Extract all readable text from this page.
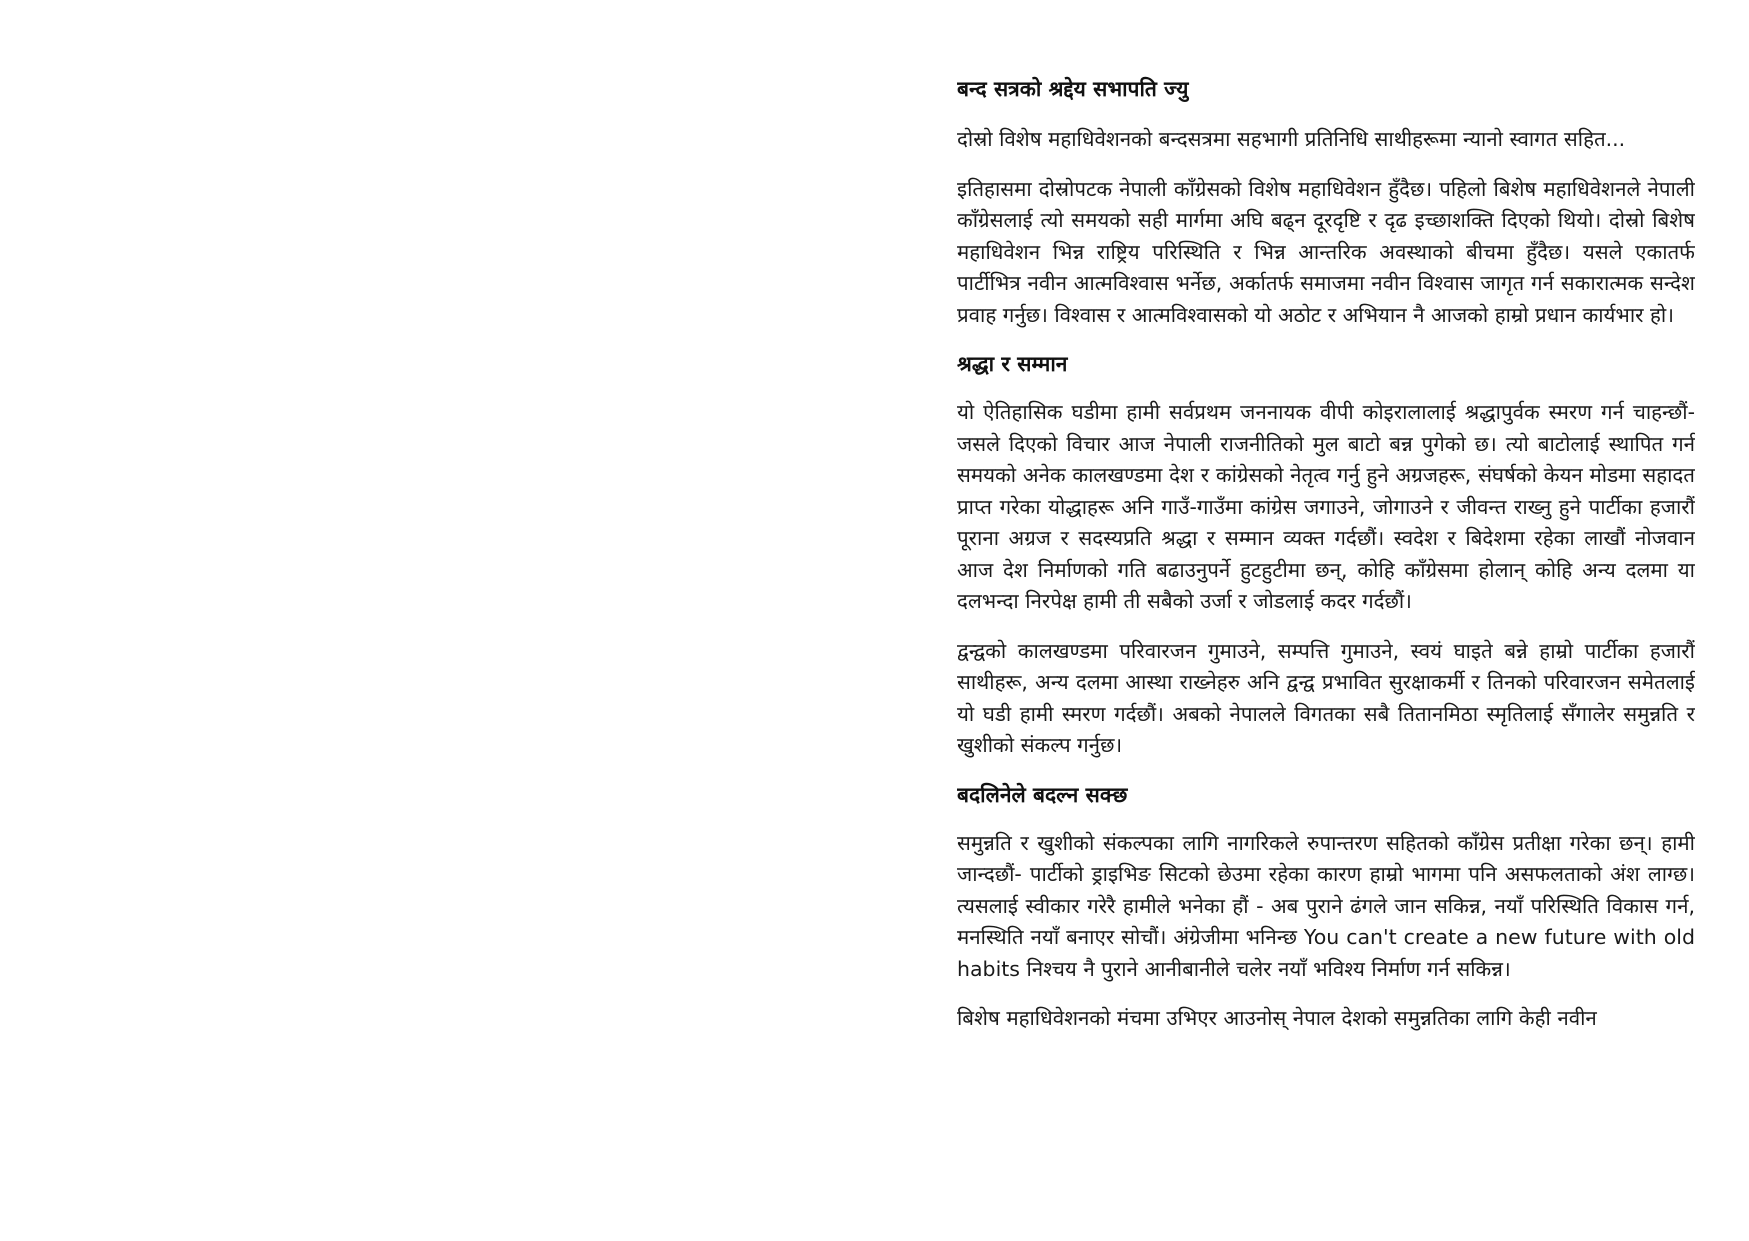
बन्द सत्रको श्रद्देय सभापति ज्यु

दोस्रो विशेष महाधिवेशनको बन्दसत्रमा सहभागी प्रतिनिधि साथीहरूमा न्यानो स्वागत सहित...

इतिहासमा दोस्रोपटक नेपाली काँग्रेसको विशेष महाधिवेशन हुँदैछ। पहिलो बिशेष महाधिवेशनले नेपाली काँग्रेसलाई त्यो समयको सही मार्गमा अघि बढ्न दूरदृष्टि र दृढ इच्छाशक्ति दिएको थियो। दोस्रो बिशेष महाधिवेशन भिन्न राष्ट्रिय परिस्थिति र भिन्न आन्तरिक अवस्थाको बीचमा हुँदैछ। यसले एकातर्फ पार्टीभित्र नवीन आत्मविश्वास भर्नेछ, अर्कातर्फ समाजमा नवीन विश्वास जागृत गर्न सकारात्मक सन्देश प्रवाह गर्नुछ। विश्वास र आत्मविश्वासको यो अठोट र अभियान नै आजको हाम्रो प्रधान कार्यभार हो।

श्रद्धा र सम्मान

यो ऐतिहासिक घडीमा हामी सर्वप्रथम जननायक वीपी कोइरालालाई श्रद्धापुर्वक स्मरण गर्न चाहन्छौं- जसले दिएको विचार आज नेपाली राजनीतिको मुल बाटो बन्न पुगेको छ। त्यो बाटोलाई स्थापित गर्न समयको अनेक कालखण्डमा देश र कांग्रेसको नेतृत्व गर्नु हुने अग्रजहरू, संघर्षको केयन मोडमा सहादत प्राप्त गरेका योद्धाहरू अनि गाउँ-गाउँमा कांग्रेस जगाउने, जोगाउने र जीवन्त राख्नु हुने पार्टीका हजारौं पूराना अग्रज र सदस्यप्रति श्रद्धा र सम्मान व्यक्त गर्दछौं। स्वदेश र बिदेशमा रहेका लाखौं नोजवान आज देश निर्माणको गति बढाउनुपर्ने हुटहुटीमा छन्, कोहि काँग्रेसमा होलान् कोहि अन्य दलमा या दलभन्दा निरपेक्ष हामी ती सबैको उर्जा र जोडलाई कदर गर्दछौं।

द्वन्द्वको कालखण्डमा परिवारजन गुमाउने, सम्पत्ति गुमाउने, स्वयं घाइते बन्ने हाम्रो पार्टीका हजारौं साथीहरू, अन्य दलमा आस्था राख्नेहरु अनि द्वन्द्व प्रभावित सुरक्षाकर्मी र तिनको परिवारजन समेतलाई यो घडी हामी स्मरण गर्दछौं। अबको नेपालले विगतका सबै तितानमिठा स्मृतिलाई सँगालेर समुन्नति र खुशीको संकल्प गर्नुछ।

बदलिनेले बदल्न सक्छ

समुन्नति र खुशीको संकल्पका लागि नागरिकले रुपान्तरण सहितको काँग्रेस प्रतीक्षा गरेका छन्। हामी जान्दछौं- पार्टीको ड्राइभिङ सिटको छेउमा रहेका कारण हाम्रो भागमा पनि असफलताको अंश लाग्छ। त्यसलाई स्वीकार गरेरै हामीले भनेका हौं - अब पुराने ढंगले जान सकिन्न, नयाँ परिस्थिति विकास गर्न, मनस्थिति नयाँ बनाएर सोचौं। अंग्रेजीमा भनिन्छ You can't create a new future with old habits निश्चय नै पुराने आनीबानीले चलेर नयाँ भविश्य निर्माण गर्न सकिन्न।

बिशेष महाधिवेशनको मंचमा उभिएर आउनोस् नेपाल देशको समुन्नतिका लागि केही नवीन
